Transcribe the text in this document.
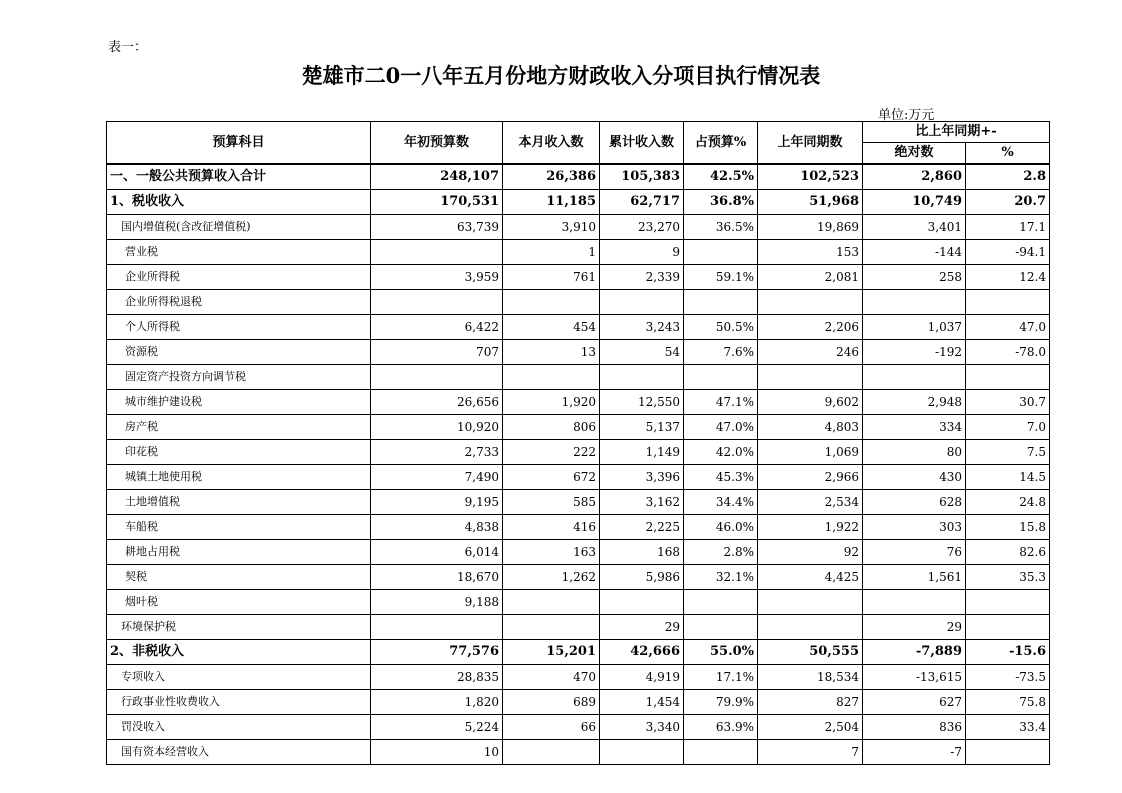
表一：
楚雄市二0一八年五月份地方财政收入分项目执行情况表
单位:万元
预算科目	年初预算数	本月收入数	累计收入数	占预算%	上年同期数	比上年同期+-	
						绝对数	%
一、一般公共预算收入合计	248,107	26,386	105,383	42.5%	102,523	2,860	2.8
1、税收收入	170,531	11,185	62,717	36.8%	51,968	10,749	20.7
国内增值税(含改征增值税)	63,739	3,910	23,270	36.5%	19,869	3,401	17.1
营业税		1	9		153	-144	-94.1
企业所得税	3,959	761	2,339	59.1%	2,081	258	12.4
企业所得税退税							
个人所得税	6,422	454	3,243	50.5%	2,206	1,037	47.0
资源税	707	13	54	7.6%	246	-192	-78.0
固定资产投资方向调节税							
城市维护建设税	26,656	1,920	12,550	47.1%	9,602	2,948	30.7
房产税	10,920	806	5,137	47.0%	4,803	334	7.0
印花税	2,733	222	1,149	42.0%	1,069	80	7.5
城镇土地使用税	7,490	672	3,396	45.3%	2,966	430	14.5
土地增值税	9,195	585	3,162	34.4%	2,534	628	24.8
车船税	4,838	416	2,225	46.0%	1,922	303	15.8
耕地占用税	6,014	163	168	2.8%	92	76	82.6
契税	18,670	1,262	5,986	32.1%	4,425	1,561	35.3
烟叶税	9,188						
环境保护税			29			29	
2、非税收入	77,576	15,201	42,666	55.0%	50,555	-7,889	-15.6
专项收入	28,835	470	4,919	17.1%	18,534	-13,615	-73.5
行政事业性收费收入	1,820	689	1,454	79.9%	827	627	75.8
罚没收入	5,224	66	3,340	63.9%	2,504	836	33.4
国有资本经营收入	10				7	-7	
